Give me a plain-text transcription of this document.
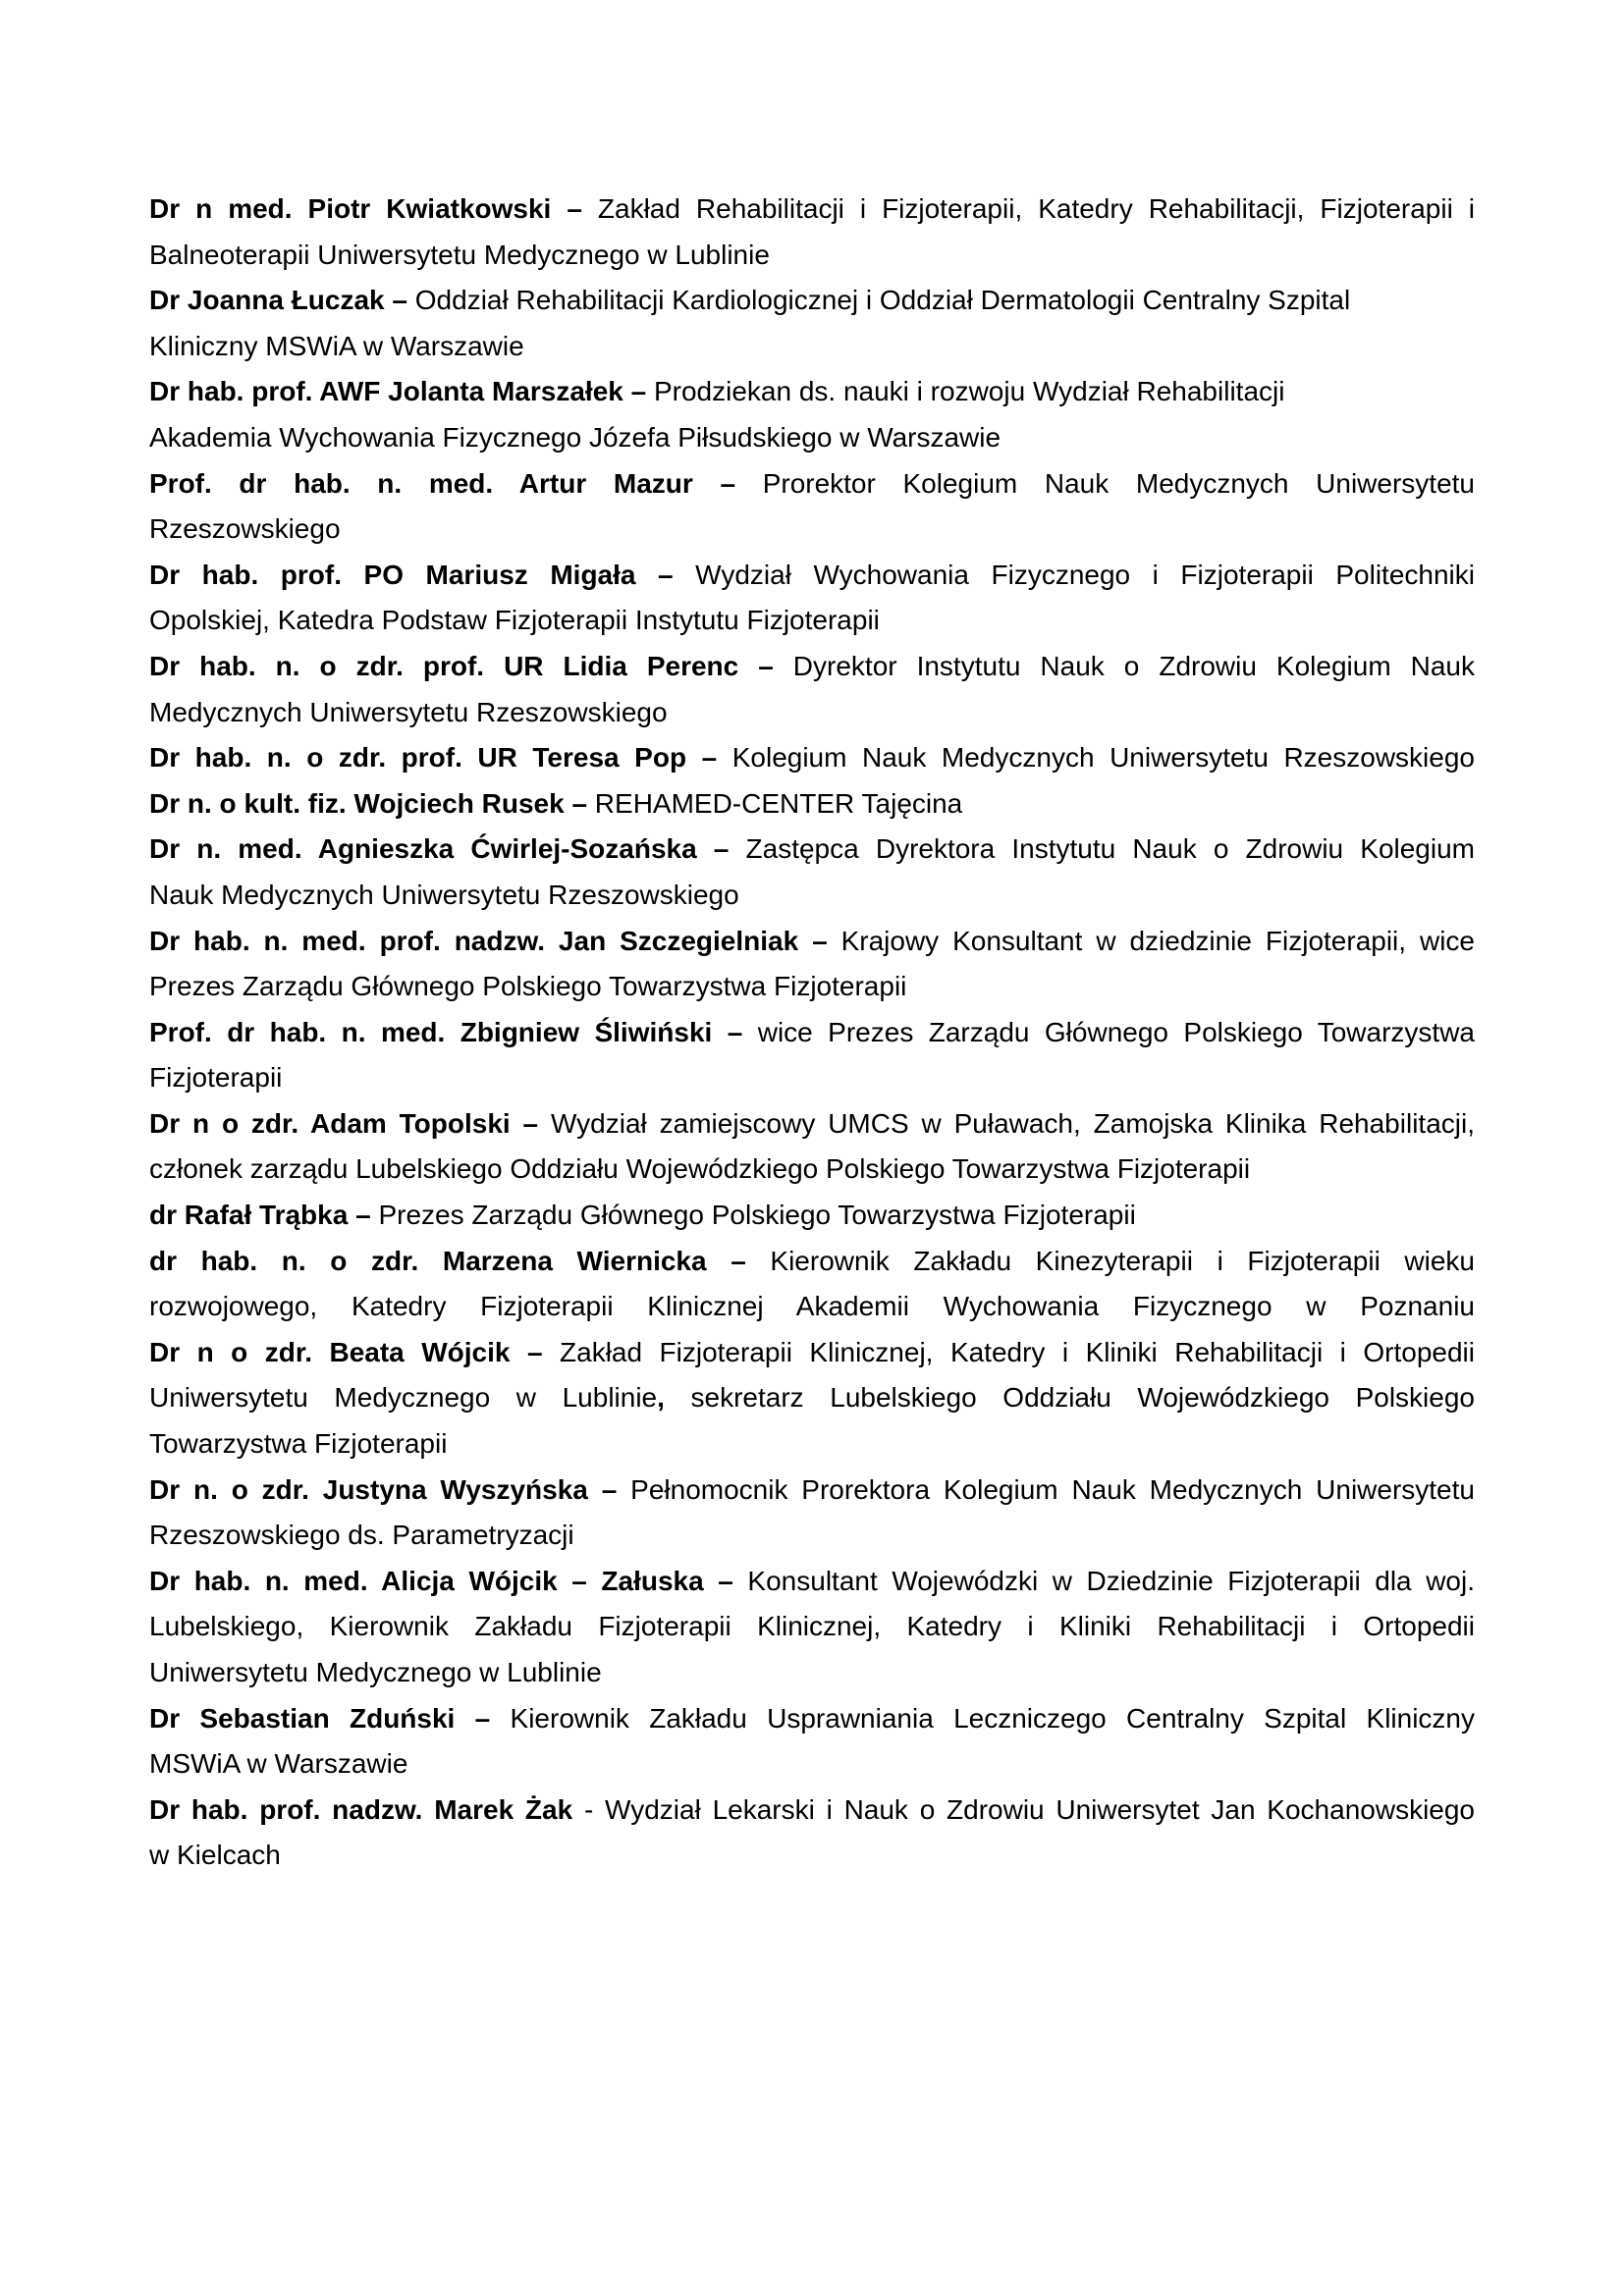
Dr n med. Piotr Kwiatkowski – Zakład Rehabilitacji i Fizjoterapii, Katedry Rehabilitacji, Fizjoterapii i
Balneoterapii Uniwersytetu Medycznego w Lublinie
Dr Joanna Łuczak – Oddział Rehabilitacji Kardiologicznej i Oddział Dermatologii Centralny Szpital
Kliniczny MSWiA w Warszawie
Dr hab. prof. AWF Jolanta Marszałek – Prodziekan ds. nauki i rozwoju Wydział Rehabilitacji
Akademia Wychowania Fizycznego Józefa Piłsudskiego w Warszawie
Prof. dr hab. n. med. Artur Mazur – Prorektor Kolegium Nauk Medycznych Uniwersytetu
Rzeszowskiego
Dr hab. prof. PO Mariusz Migała – Wydział Wychowania Fizycznego i Fizjoterapii Politechniki
Opolskiej, Katedra Podstaw Fizjoterapii Instytutu Fizjoterapii
Dr hab. n. o zdr. prof. UR Lidia Perenc – Dyrektor Instytutu Nauk o Zdrowiu Kolegium Nauk
Medycznych Uniwersytetu Rzeszowskiego
Dr hab. n. o zdr. prof. UR Teresa Pop – Kolegium Nauk Medycznych Uniwersytetu Rzeszowskiego
Dr n. o kult. fiz. Wojciech Rusek – REHAMED-CENTER Tajęcina
Dr n. med. Agnieszka Ćwirlej-Sozańska – Zastępca Dyrektora Instytutu Nauk o Zdrowiu Kolegium
Nauk Medycznych Uniwersytetu Rzeszowskiego
Dr hab. n. med. prof. nadzw. Jan Szczegielniak – Krajowy Konsultant w dziedzinie Fizjoterapii, wice
Prezes Zarządu Głównego Polskiego Towarzystwa Fizjoterapii
Prof. dr hab. n. med. Zbigniew Śliwiński – wice Prezes Zarządu Głównego Polskiego Towarzystwa
Fizjoterapii
Dr n o zdr. Adam Topolski – Wydział zamiejscowy UMCS w Puławach, Zamojska Klinika Rehabilitacji,
członek zarządu Lubelskiego Oddziału Wojewódzkiego Polskiego Towarzystwa Fizjoterapii
dr Rafał Trąbka – Prezes Zarządu Głównego Polskiego Towarzystwa Fizjoterapii
dr hab. n. o zdr. Marzena Wiernicka – Kierownik Zakładu Kinezyterapii i Fizjoterapii wieku
rozwojowego, Katedry Fizjoterapii Klinicznej Akademii Wychowania Fizycznego w Poznaniu
Dr n o zdr. Beata Wójcik – Zakład Fizjoterapii Klinicznej, Katedry i Kliniki Rehabilitacji i Ortopedii
Uniwersytetu Medycznego w Lublinie, sekretarz Lubelskiego Oddziału Wojewódzkiego Polskiego
Towarzystwa Fizjoterapii
Dr n. o zdr. Justyna Wyszyńska – Pełnomocnik Prorektora Kolegium Nauk Medycznych Uniwersytetu
Rzeszowskiego ds. Parametryzacji
Dr hab. n. med. Alicja Wójcik – Załuska – Konsultant Wojewódzki w Dziedzinie Fizjoterapii dla woj.
Lubelskiego, Kierownik Zakładu Fizjoterapii Klinicznej, Katedry i Kliniki Rehabilitacji i Ortopedii
Uniwersytetu Medycznego w Lublinie
Dr Sebastian Zduński – Kierownik Zakładu Usprawniania Leczniczego Centralny Szpital Kliniczny
MSWiA w Warszawie
Dr hab. prof. nadzw. Marek Żak - Wydział Lekarski i Nauk o Zdrowiu Uniwersytet Jan Kochanowskiego
w Kielcach
